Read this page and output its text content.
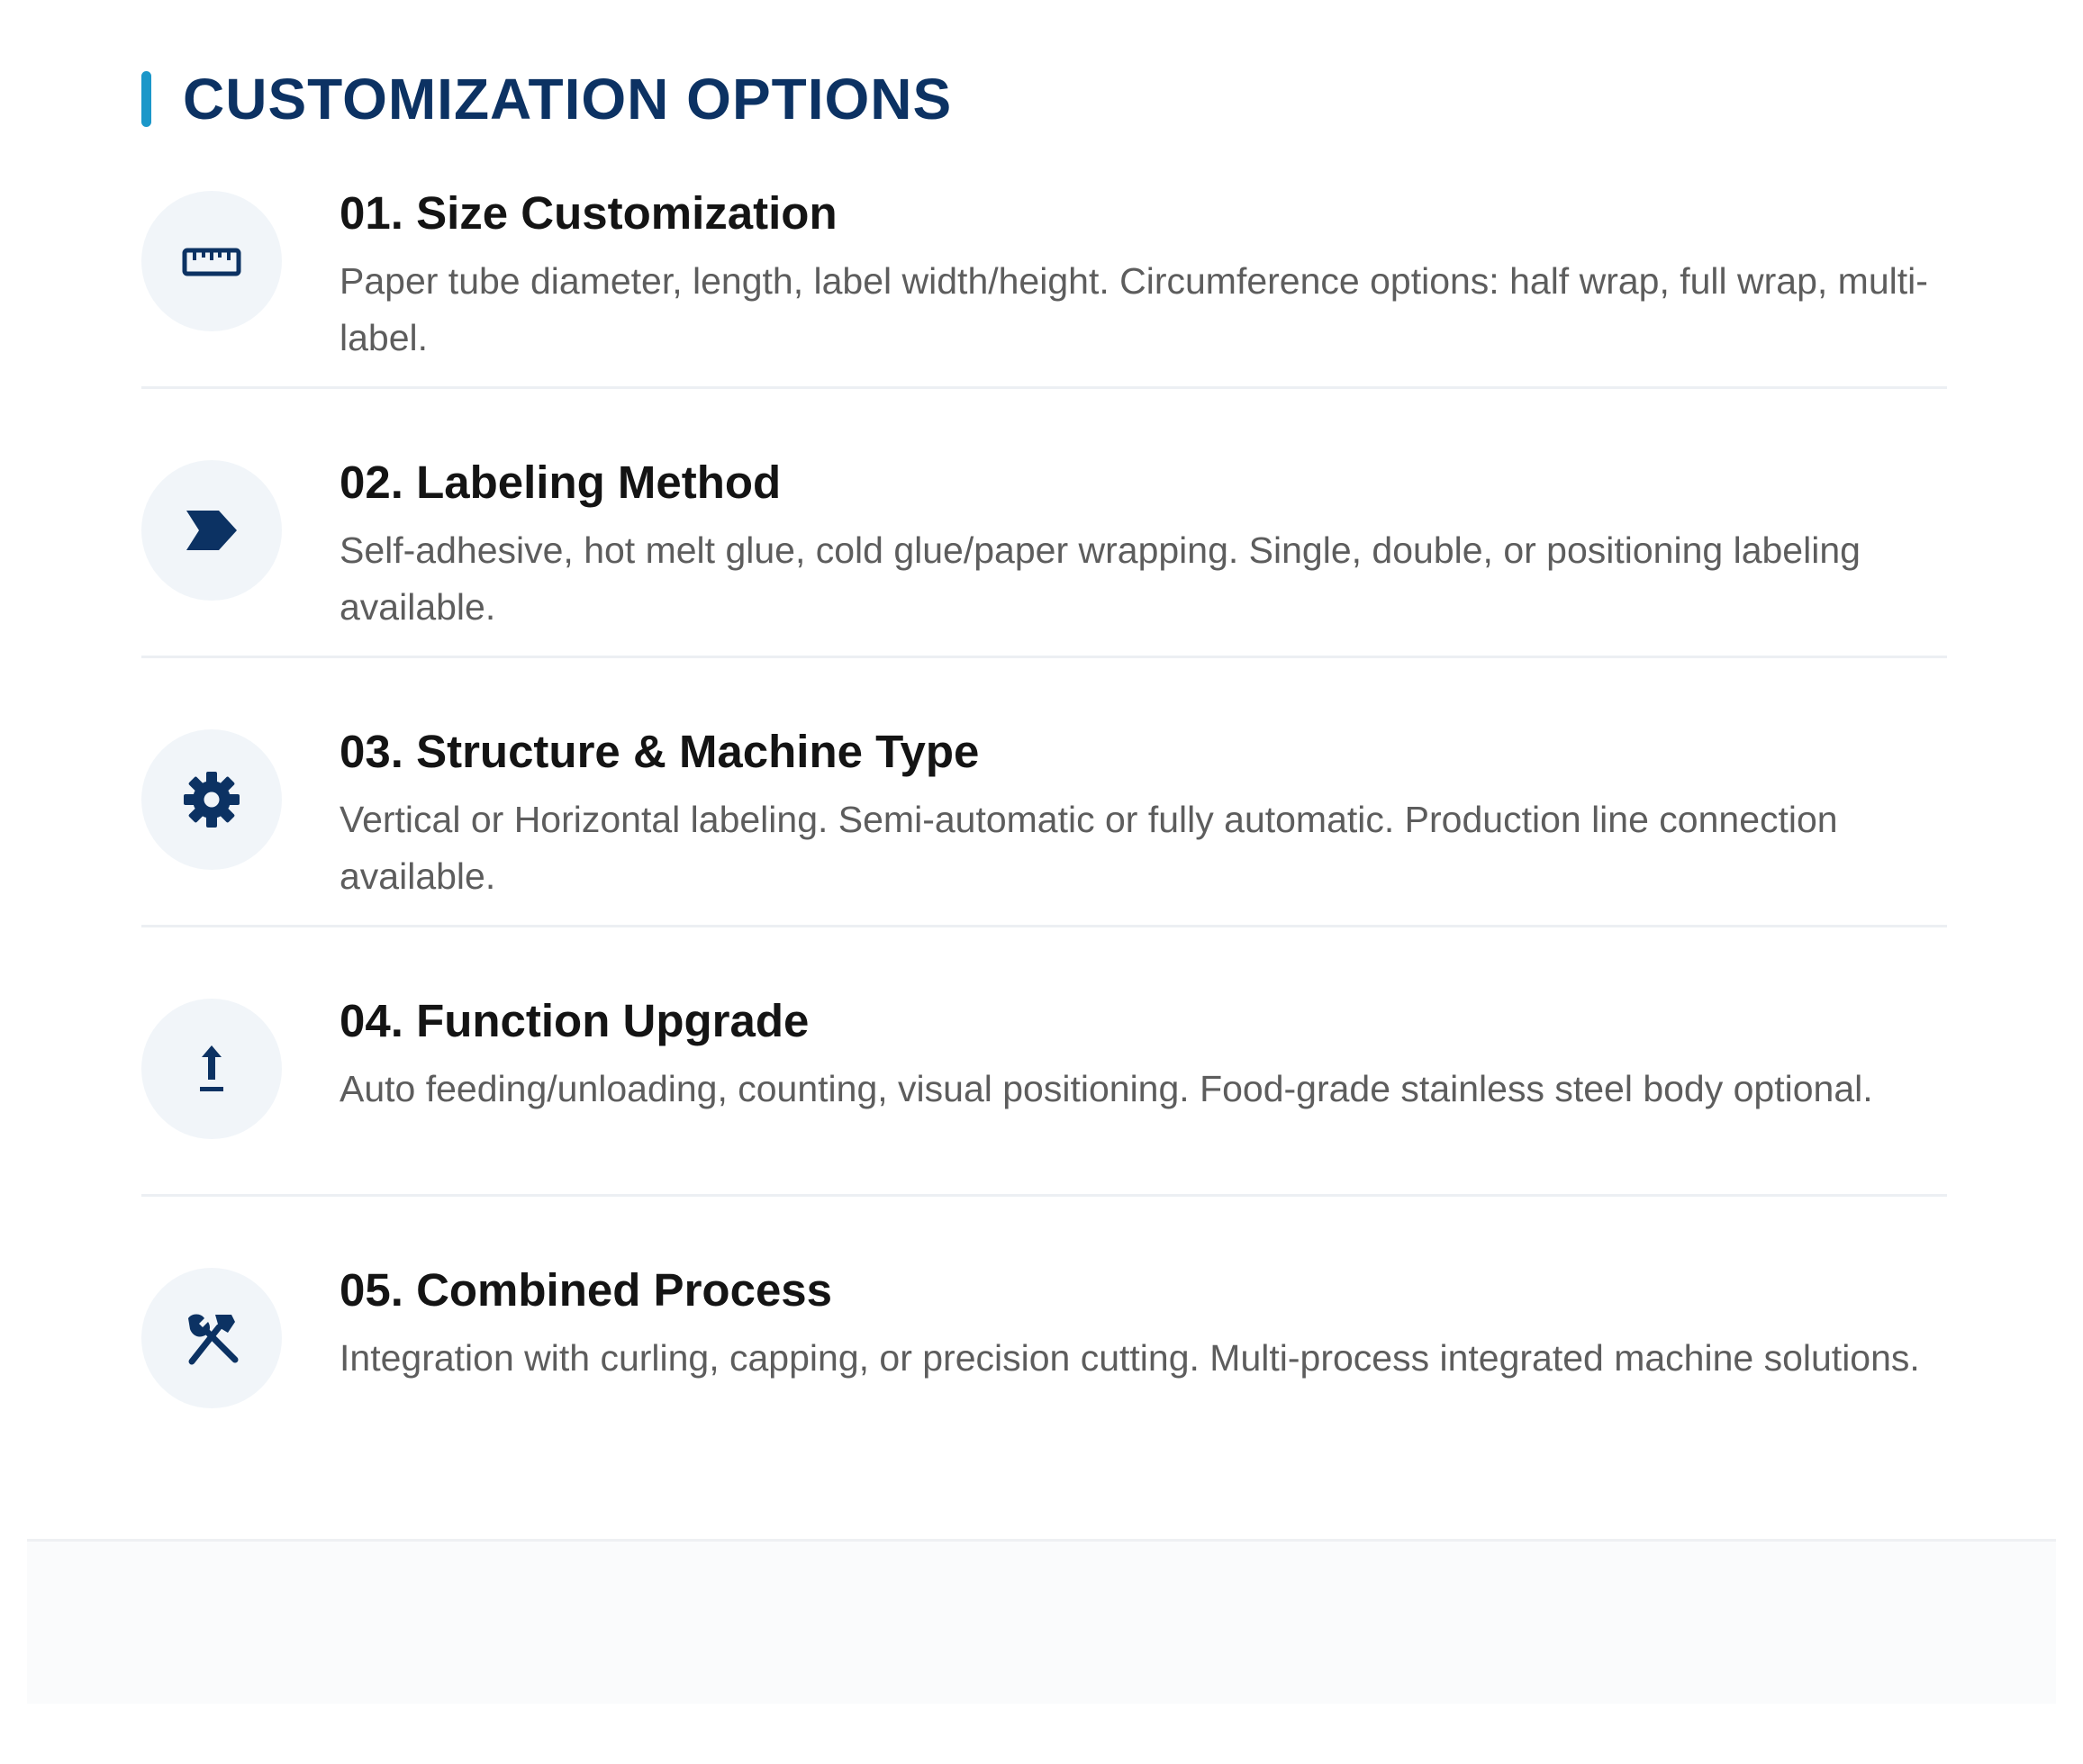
CUSTOMIZATION OPTIONS
01. Size Customization
Paper tube diameter, length, label width/height. Circumference options: half wrap, full wrap, multi-label.
02. Labeling Method
Self-adhesive, hot melt glue, cold glue/paper wrapping. Single, double, or positioning labeling available.
03. Structure & Machine Type
Vertical or Horizontal labeling. Semi-automatic or fully automatic. Production line connection available.
04. Function Upgrade
Auto feeding/unloading, counting, visual positioning. Food-grade stainless steel body optional.
05. Combined Process
Integration with curling, capping, or precision cutting. Multi-process integrated machine solutions.
